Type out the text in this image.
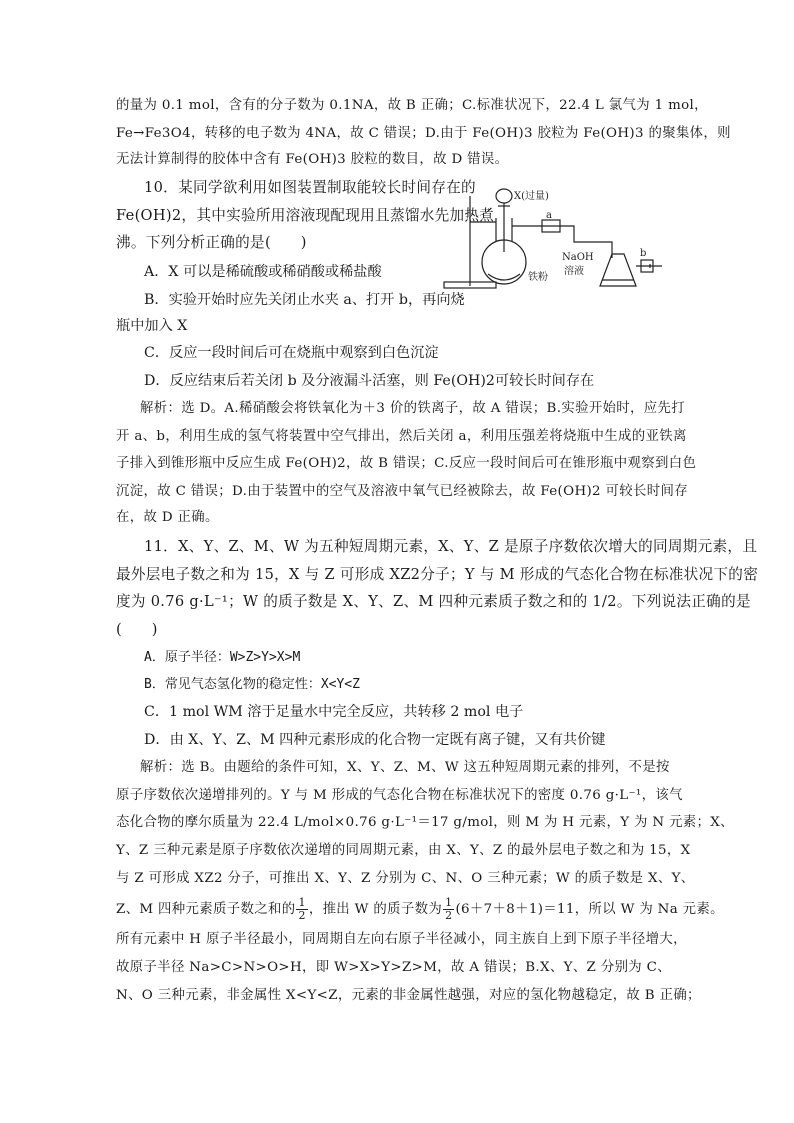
的量为 0.1 mol，含有的分子数为 0.1NA，故 B 正确；C.标准状况下，22.4 L 氯气为 1 mol，
Fe→Fe3O4，转移的电子数为 4NA，故 C 错误；D.由于 Fe(OH)3 胶粒为 Fe(OH)3 的聚集体，则
无法计算制得的胶体中含有 Fe(OH)3 胶粒的数目，故 D 错误。
10．某同学欲利用如图装置制取能较长时间存在的
Fe(OH)2，其中实验所用溶液现配现用且蒸馏水先加热煮
沸。下列分析正确的是(　　)
A．X 可以是稀硫酸或稀硝酸或稀盐酸
B．实验开始时应先关闭止水夹 a、打开 b，再向烧
瓶中加入 X
C．反应一段时间后可在烧瓶中观察到白色沉淀
D．反应结束后若关闭 b 及分液漏斗活塞，则 Fe(OH)2可较长时间存在
解析：选 D。A.稀硝酸会将铁氧化为＋3 价的铁离子，故 A 错误；B.实验开始时，应先打
开 a、b，利用生成的氢气将装置中空气排出，然后关闭 a，利用压强差将烧瓶中生成的亚铁离
子排入到锥形瓶中反应生成 Fe(OH)2，故 B 错误；C.反应一段时间后可在锥形瓶中观察到白色
沉淀，故 C 错误；D.由于装置中的空气及溶液中氧气已经被除去，故 Fe(OH)2 可较长时间存
在，故 D 正确。
11．X、Y、Z、M、W 为五种短周期元素，X、Y、Z 是原子序数依次增大的同周期元素，且
最外层电子数之和为 15，X 与 Z 可形成 XZ2分子；Y 与 M 形成的气态化合物在标准状况下的密
度为 0.76 g·L⁻¹；W 的质子数是 X、Y、Z、M 四种元素质子数之和的 1/2。下列说法正确的是
(　　)
A．原子半径：W>Z>Y>X>M
B．常见气态氢化物的稳定性：X<Y<Z
C．1 mol WM 溶于足量水中完全反应，共转移 2 mol 电子
D．由 X、Y、Z、M 四种元素形成的化合物一定既有离子键，又有共价键
解析：选 B。由题给的条件可知，X、Y、Z、M、W 这五种短周期元素的排列，不是按
原子序数依次递增排列的。Y 与 M 形成的气态化合物在标准状况下的密度 0.76 g·L⁻¹，该气
态化合物的摩尔质量为 22.4 L/mol×0.76 g·L⁻¹＝17 g/mol，则 M 为 H 元素，Y 为 N 元素；X、
Y、Z 三种元素是原子序数依次递增的同周期元素，由 X、Y、Z 的最外层电子数之和为 15，X
与 Z 可形成 XZ2 分子，可推出 X、Y、Z 分别为 C、N、O 三种元素；W 的质子数是 X、Y、
Z、M 四种元素质子数之和的 $\frac{1}{2}$ ，推出 W 的质子数为 $\frac{1}{2} (6+7+8+1)=11$，所以 W 为 Na 元素。
所有元素中 H 原子半径最小，同周期自左向右原子半径减小，同主族自上到下原子半径增大，
故原子半径 Na>C>N>O>H，即 W>X>Y>Z>M，故 A 错误；B.X、Y、Z 分别为 C、
N、O 三种元素，非金属性 X<Y<Z，元素的非金属性越强，对应的氢化物越稳定，故 B 正确；
X(过量)
a
b
铁粉
NaOH
溶液
